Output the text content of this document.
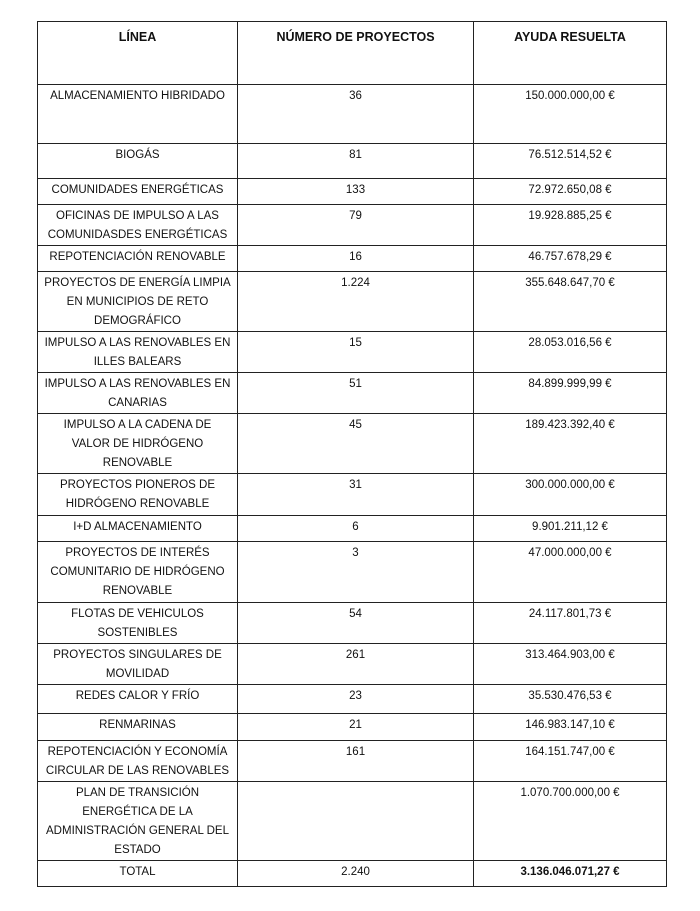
LÍNEA	NÚMERO DE PROYECTOS	AYUDA RESUELTA
ALMACENAMIENTO HIBRIDADO	36	150.000.000,00 €
BIOGÁS	81	76.512.514,52 €
COMUNIDADES ENERGÉTICAS	133	72.972.650,08 €
OFICINAS DE IMPULSO A LAS COMUNIDASDES ENERGÉTICAS	79	19.928.885,25 €
REPOTENCIACIÓN RENOVABLE	16	46.757.678,29 €
PROYECTOS DE ENERGÍA LIMPIA EN MUNICIPIOS DE RETO DEMOGRÁFICO	1.224	355.648.647,70 €
IMPULSO A LAS RENOVABLES EN ILLES BALEARS	15	28.053.016,56 €
IMPULSO A LAS RENOVABLES EN CANARIAS	51	84.899.999,99 €
IMPULSO A LA CADENA DE VALOR DE HIDRÓGENO RENOVABLE	45	189.423.392,40 €
PROYECTOS PIONEROS DE HIDRÓGENO RENOVABLE	31	300.000.000,00 €
I+D ALMACENAMIENTO	6	9.901.211,12 €
PROYECTOS DE INTERÉS COMUNITARIO DE HIDRÓGENO RENOVABLE	3	47.000.000,00 €
FLOTAS DE VEHICULOS SOSTENIBLES	54	24.117.801,73 €
PROYECTOS SINGULARES DE MOVILIDAD	261	313.464.903,00 €
REDES CALOR Y FRÍO	23	35.530.476,53 €
RENMARINAS	21	146.983.147,10 €
REPOTENCIACIÓN Y ECONOMÍA CIRCULAR DE LAS RENOVABLES	161	164.151.747,00 €
PLAN DE TRANSICIÓN ENERGÉTICA DE LA ADMINISTRACIÓN GENERAL DEL ESTADO		1.070.700.000,00 €
TOTAL	2.240	3.136.046.071,27 €
